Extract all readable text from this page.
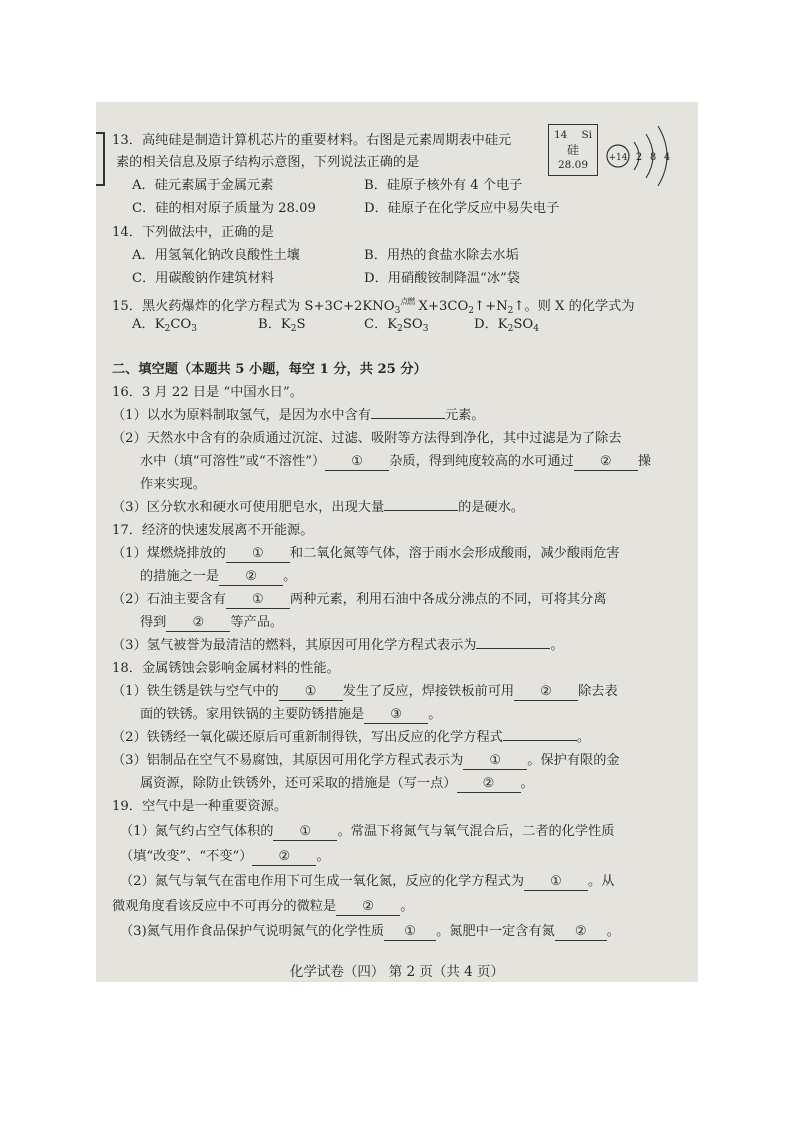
13．高纯硅是制造计算机芯片的重要材料。右图是元素周期表中硅元
素的相关信息及原子结构示意图，下列说法正确的是
A．硅元素属于金属元素	B．硅原子核外有 4 个电子
C．硅的相对原子质量为 28.09	D．硅原子在化学反应中易失电子
14 Si
硅
28.09
+14 2 8 4
14．下列做法中，正确的是
A．用氢氧化钠改良酸性土壤	B．用热的食盐水除去水垢
C．用碳酸钠作建筑材料	D．用硝酸铵制降温“冰”袋
15．黑火药爆炸的化学方程式为 $S+3C+2KNO_3^{点燃}$ $X+3CO_2↑+N_2↑$。则 X 的化学式为
A．$K_2CO_3$	B．$K_2S$	C．$K_2SO_3$	D．$K_2SO_4$
二、填空题（本题共 5 小题，每空 1 分，共 25 分）
16．3 月 22 日是 “中国水日”。
（1）以水为原料制取氢气，是因为水中含有	元素。
（2）天然水中含有的杂质通过沉淀、过滤、吸附等方法得到净化，其中过滤是为了除去
水中（填“可溶性”或“不溶性”） ① 杂质，得到纯度较高的水可通过 ② 操
作来实现。
（3）区分软水和硬水可使用肥皂水，出现大量	的是硬水。
17．经济的快速发展离不开能源。
（1）煤燃烧排放的 ① 和二氧化氮等气体，溶于雨水会形成酸雨，减少酸雨危害
的措施之一是 ② 。
（2）石油主要含有 ① 两种元素，利用石油中各成分沸点的不同，可将其分离
得到 ② 等产品。
（3）氢气被誉为最清洁的燃料，其原因可用化学方程式表示为	。
18．金属锈蚀会影响金属材料的性能。
（1）铁生锈是铁与空气中的 ① 发生了反应，焊接铁板前可用 ② 除去表
面的铁锈。家用铁锅的主要防锈措施是 ③ 。
（2）铁锈经一氧化碳还原后可重新制得铁，写出反应的化学方程式	。
（3）铝制品在空气不易腐蚀，其原因可用化学方程式表示为 ① 。保护有限的金
属资源，除防止铁锈外，还可采取的措施是（写一点） ② 。
19．空气中是一种重要资源。
（1）氮气约占空气体积的 ① 。常温下将氮气与氧气混合后，二者的化学性质
（填“改变”、“不变”） ② 。
（2）氮气与氧气在雷电作用下可生成一氧化氮，反应的化学方程式为 ① 。从
微观角度看该反应中不可再分的微粒是 ② 。
（3)氮气用作食品保护气说明氮气的化学性质 ① 。氮肥中一定含有氮 ② 。
化学试卷（四） 第 2 页（共 4 页）
